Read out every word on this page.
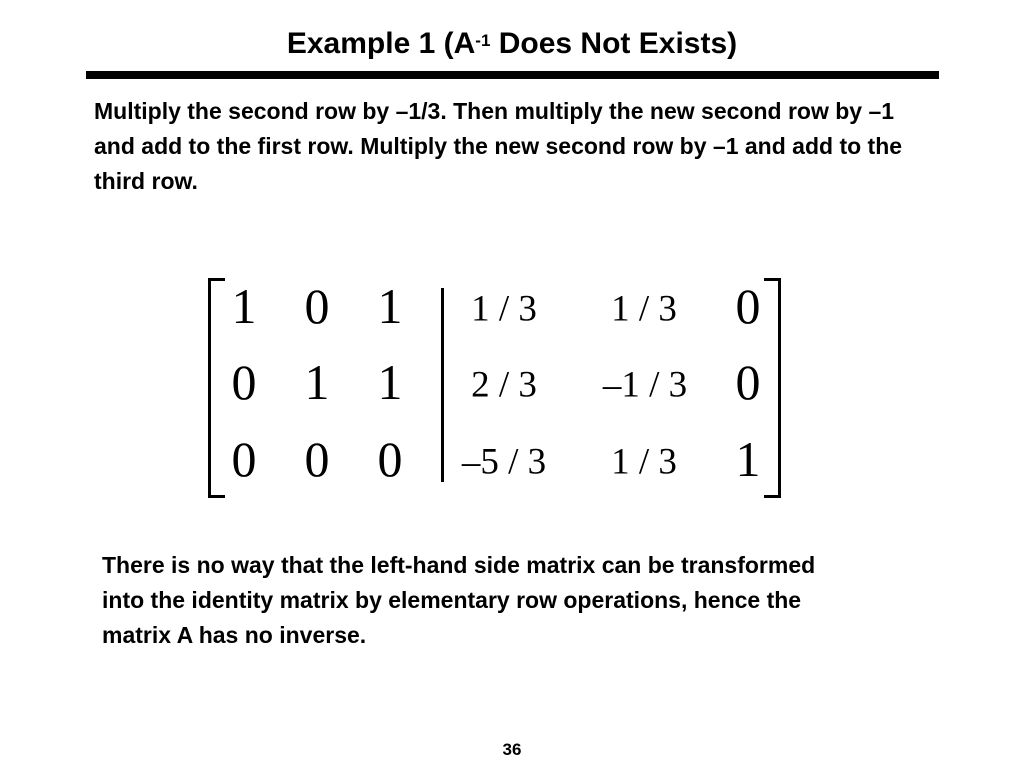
Example 1 ($A^{-1}$ Does Not Exists)
Multiply the second row by –1/3. Then multiply the new second row by –1 and add to the first row. Multiply the new second row by –1 and add to the third row.
1 0 1
0 1 1
0 0 0
1 / 3 1 / 3 0
2 / 3 –1 / 3 0
–5 / 3 1 / 3 1
There is no way that the left-hand side matrix can be transformed into the identity matrix by elementary row operations, hence the matrix A has no inverse.
36
